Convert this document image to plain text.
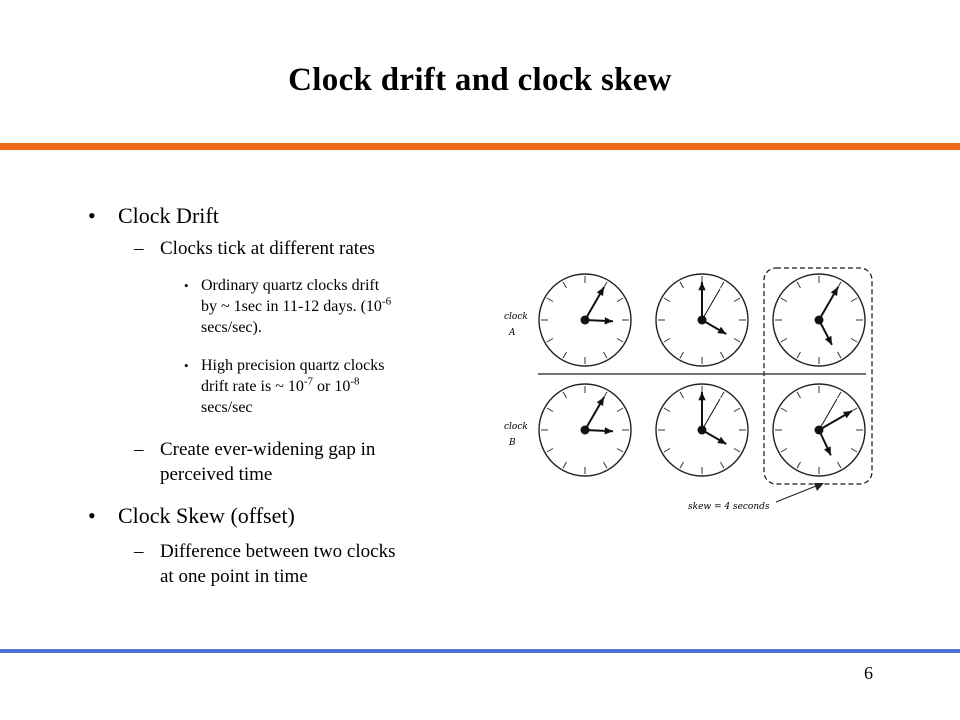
Clock drift and clock skew
• Clock Drift
– Clocks tick at different rates
• Ordinary quartz clocks drift
by ~ 1sec in 11-12 days. ($10^{-6}$
secs/sec).
• High precision quartz clocks
drift rate is ~ $10^{-7}$ or $10^{-8}$
secs/sec
– Create ever-widening gap in
perceived time
• Clock Skew (offset)
– Difference between two clocks
at one point in time
clock
A
clock
B
skew = 4 seconds
6
